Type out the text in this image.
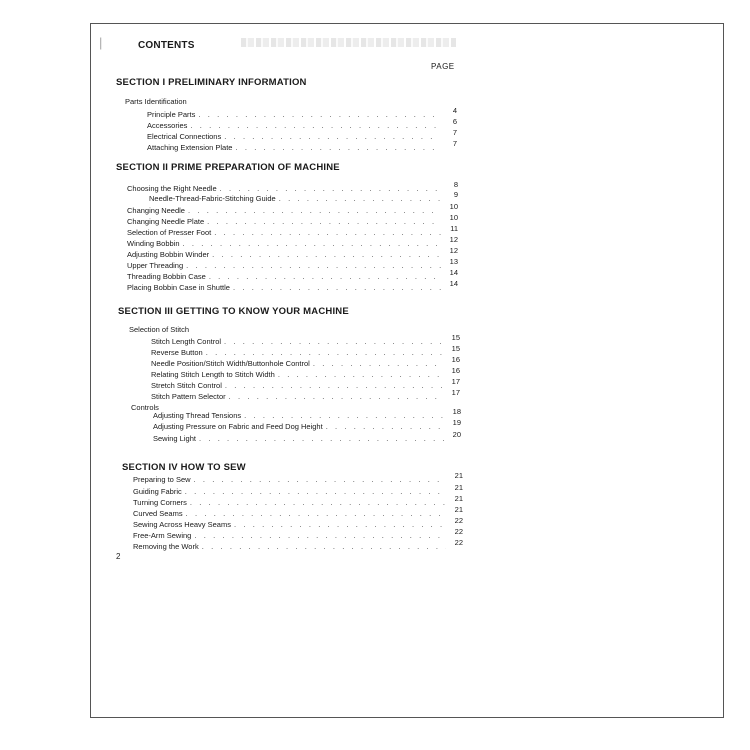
|	CONTENTS
PAGE
SECTION I PRELIMINARY INFORMATION
Parts Identification
Principle Parts . . .	4
Accessories . . .	6
Electrical Connections . . .	7
Attaching Extension Plate . . .	7
SECTION II PRIME PREPARATION OF MACHINE
Choosing the Right Needle . . .	8
Needle-Thread-Fabric-Stitching Guide . . .	9
Changing Needle . . .	10
Changing Needle Plate . . .	10
Selection of Presser Foot . . .	11
Winding Bobbin . . .	12
Adjusting Bobbin Winder . . .	12
Upper Threading . . .	13
Threading Bobbin Case . . .	14
Placing Bobbin Case in Shuttle . . .	14
SECTION III GETTING TO KNOW YOUR MACHINE
Selection of Stitch
Stitch Length Control . . .	15
Reverse Button . . .	15
Needle Position/Stitch Width/Buttonhole Control . . .	16
Relating Stitch Length to Stitch Width . . .	16
Stretch Stitch Control . . .	17
Stitch Pattern Selector . . .	17
Controls
Adjusting Thread Tensions . . .	18
Adjusting Pressure on Fabric and Feed Dog Height . . .	19
Sewing Light . . .	20
SECTION IV HOW TO SEW
Preparing to Sew . . .	21
Guiding Fabric . . .	21
Turning Corners . . .	21
Curved Seams . . .	21
Sewing Across Heavy Seams . . .	22
Free-Arm Sewing . . .	22
Removing the Work . . .	22
2
